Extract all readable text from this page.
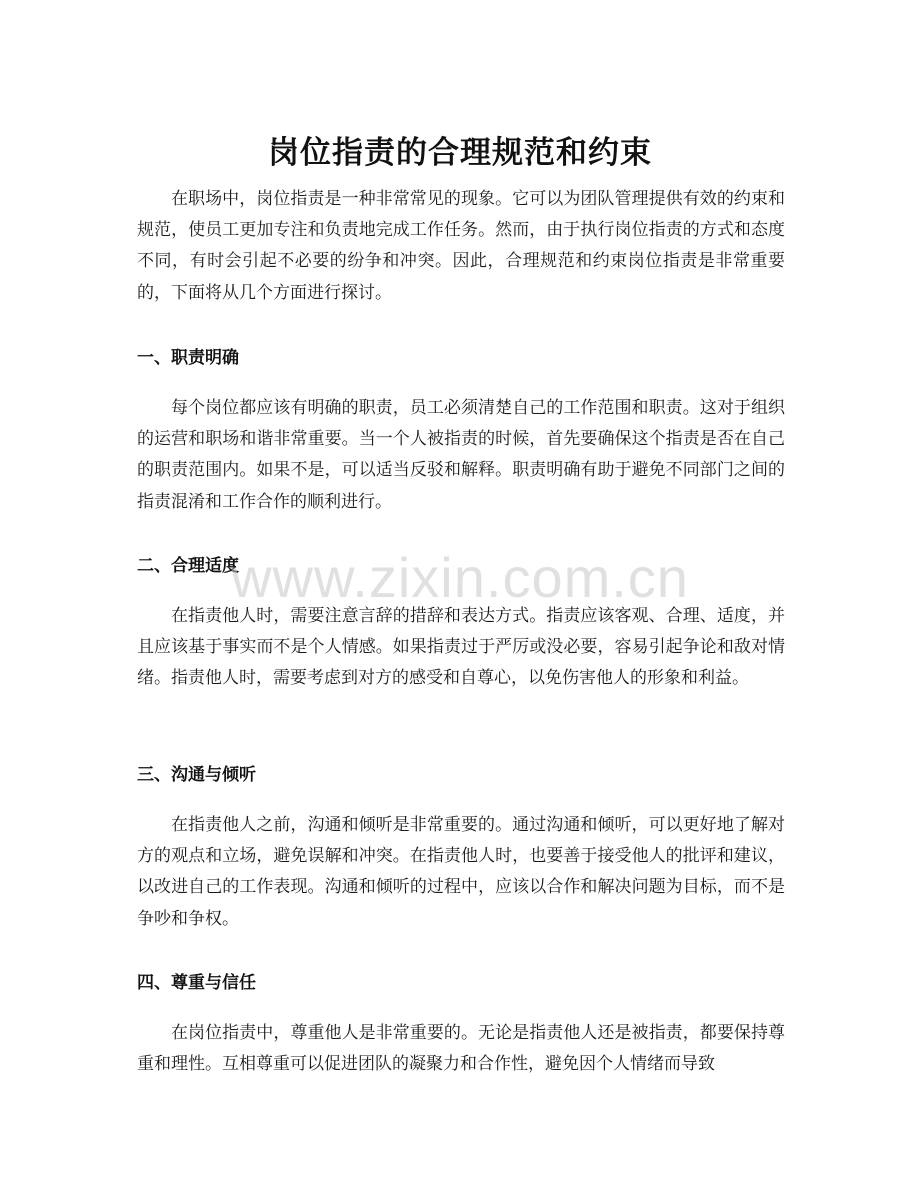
岗位指责的合理规范和约束

在职场中，岗位指责是一种非常常见的现象。它可以为团队管理提供有效的约束和规范，使员工更加专注和负责地完成工作任务。然而，由于执行岗位指责的方式和态度不同，有时会引起不必要的纷争和冲突。因此，合理规范和约束岗位指责是非常重要的，下面将从几个方面进行探讨。

一、职责明确

每个岗位都应该有明确的职责，员工必须清楚自己的工作范围和职责。这对于组织的运营和职场和谐非常重要。当一个人被指责的时候，首先要确保这个指责是否在自己的职责范围内。如果不是，可以适当反驳和解释。职责明确有助于避免不同部门之间的指责混淆和工作合作的顺利进行。

二、合理适度

在指责他人时，需要注意言辞的措辞和表达方式。指责应该客观、合理、适度，并且应该基于事实而不是个人情感。如果指责过于严厉或没必要，容易引起争论和敌对情绪。指责他人时，需要考虑到对方的感受和自尊心，以免伤害他人的形象和利益。

三、沟通与倾听

在指责他人之前，沟通和倾听是非常重要的。通过沟通和倾听，可以更好地了解对方的观点和立场，避免误解和冲突。在指责他人时，也要善于接受他人的批评和建议，以改进自己的工作表现。沟通和倾听的过程中，应该以合作和解决问题为目标，而不是争吵和争权。

四、尊重与信任

在岗位指责中，尊重他人是非常重要的。无论是指责他人还是被指责，都要保持尊重和理性。互相尊重可以促进团队的凝聚力和合作性，避免因个人情绪而导致

www.zixin.com.cn
